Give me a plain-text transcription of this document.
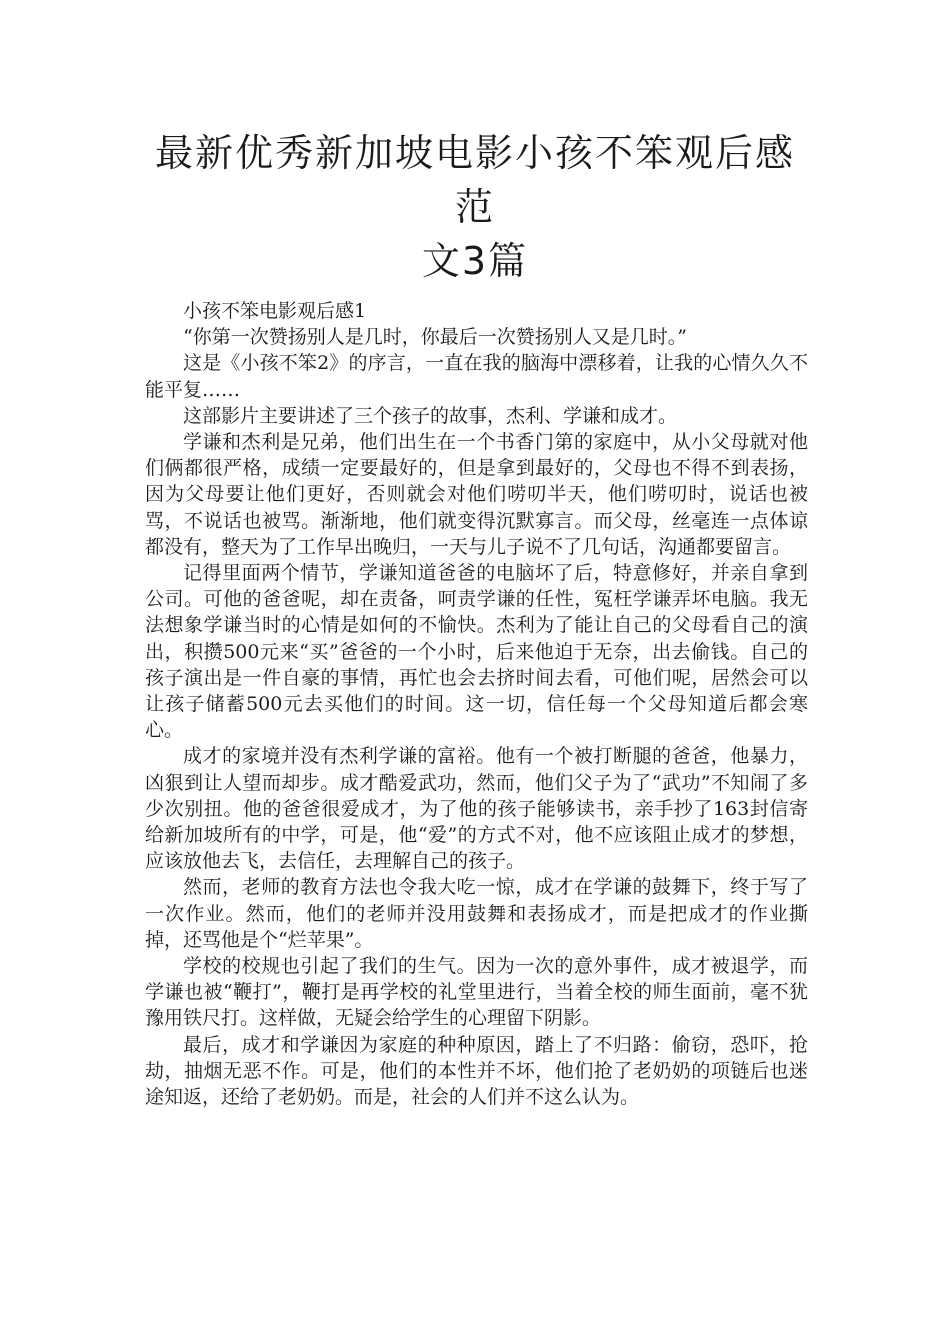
最新优秀新加坡电影小孩不笨观后感范
文3篇

小孩不笨电影观后感1

“你第一次赞扬别人是几时，你最后一次赞扬别人又是几时。”

这是《小孩不笨2》的序言，一直在我的脑海中漂移着，让我的心情久久不能平复……

这部影片主要讲述了三个孩子的故事，杰利、学谦和成才。

学谦和杰利是兄弟，他们出生在一个书香门第的家庭中，从小父母就对他们俩都很严格，成绩一定要最好的，但是拿到最好的，父母也不得不到表扬，因为父母要让他们更好，否则就会对他们唠叨半天，他们唠叨时，说话也被骂，不说话也被骂。渐渐地，他们就变得沉默寡言。而父母，丝毫连一点体谅都没有，整天为了工作早出晚归，一天与儿子说不了几句话，沟通都要留言。

记得里面两个情节，学谦知道爸爸的电脑坏了后，特意修好，并亲自拿到公司。可他的爸爸呢，却在责备，呵责学谦的任性，冤枉学谦弄坏电脑。我无法想象学谦当时的心情是如何的不愉快。杰利为了能让自己的父母看自己的演出，积攒500元来“买”爸爸的一个小时，后来他迫于无奈，出去偷钱。自己的孩子演出是一件自豪的事情，再忙也会去挤时间去看，可他们呢，居然会可以让孩子储蓄500元去买他们的时间。这一切，信任每一个父母知道后都会寒心。

成才的家境并没有杰利学谦的富裕。他有一个被打断腿的爸爸，他暴力，凶狠到让人望而却步。成才酷爱武功，然而，他们父子为了“武功”不知闹了多少次别扭。他的爸爸很爱成才，为了他的孩子能够读书，亲手抄了163封信寄给新加坡所有的中学，可是，他“爱”的方式不对，他不应该阻止成才的梦想，应该放他去飞，去信任，去理解自己的孩子。

然而，老师的教育方法也令我大吃一惊，成才在学谦的鼓舞下，终于写了一次作业。然而，他们的老师并没用鼓舞和表扬成才，而是把成才的作业撕掉，还骂他是个“烂苹果”。

学校的校规也引起了我们的生气。因为一次的意外事件，成才被退学，而学谦也被“鞭打”，鞭打是再学校的礼堂里进行，当着全校的师生面前，毫不犹豫用铁尺打。这样做，无疑会给学生的心理留下阴影。

最后，成才和学谦因为家庭的种种原因，踏上了不归路：偷窃，恐吓，抢劫，抽烟无恶不作。可是，他们的本性并不坏，他们抢了老奶奶的项链后也迷途知返，还给了老奶奶。而是，社会的人们并不这么认为。
